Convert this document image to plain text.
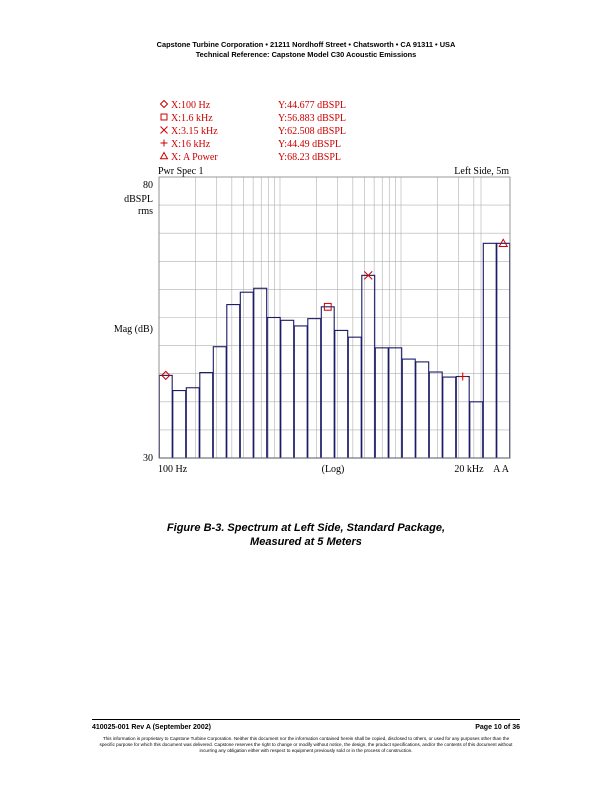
Capstone Turbine Corporation • 21211 Nordhoff Street • Chatsworth • CA 91311 • USA
Technical Reference: Capstone Model C30 Acoustic Emissions
X:100 Hz	Y:44.677 dBSPL
X:1.6 kHz	Y:56.883 dBSPL
X:3.15 kHz	Y:62.508 dBSPL
X:16 kHz	Y:44.49 dBSPL
X: A Power	Y:68.23 dBSPL
Pwr Spec 1	Left Side, 5m
80
dBSPL
rms
Mag (dB)
30
100 Hz	(Log)	20 kHz A A
Figure B-3. Spectrum at Left Side, Standard Package,
Measured at 5 Meters
410025-001 Rev A (September 2002)	Page 10 of 36
This information is proprietary to Capstone Turbine Corporation. Neither this document nor the information contained herein shall be copied, disclosed to others, or used for any purposes other than the specific purpose for which this document was delivered. Capstone reserves the right to change or modify without notice, the design, the product specifications, and/or the contents of this document without incurring any obligation either with respect to equipment previously sold or in the process of construction.
